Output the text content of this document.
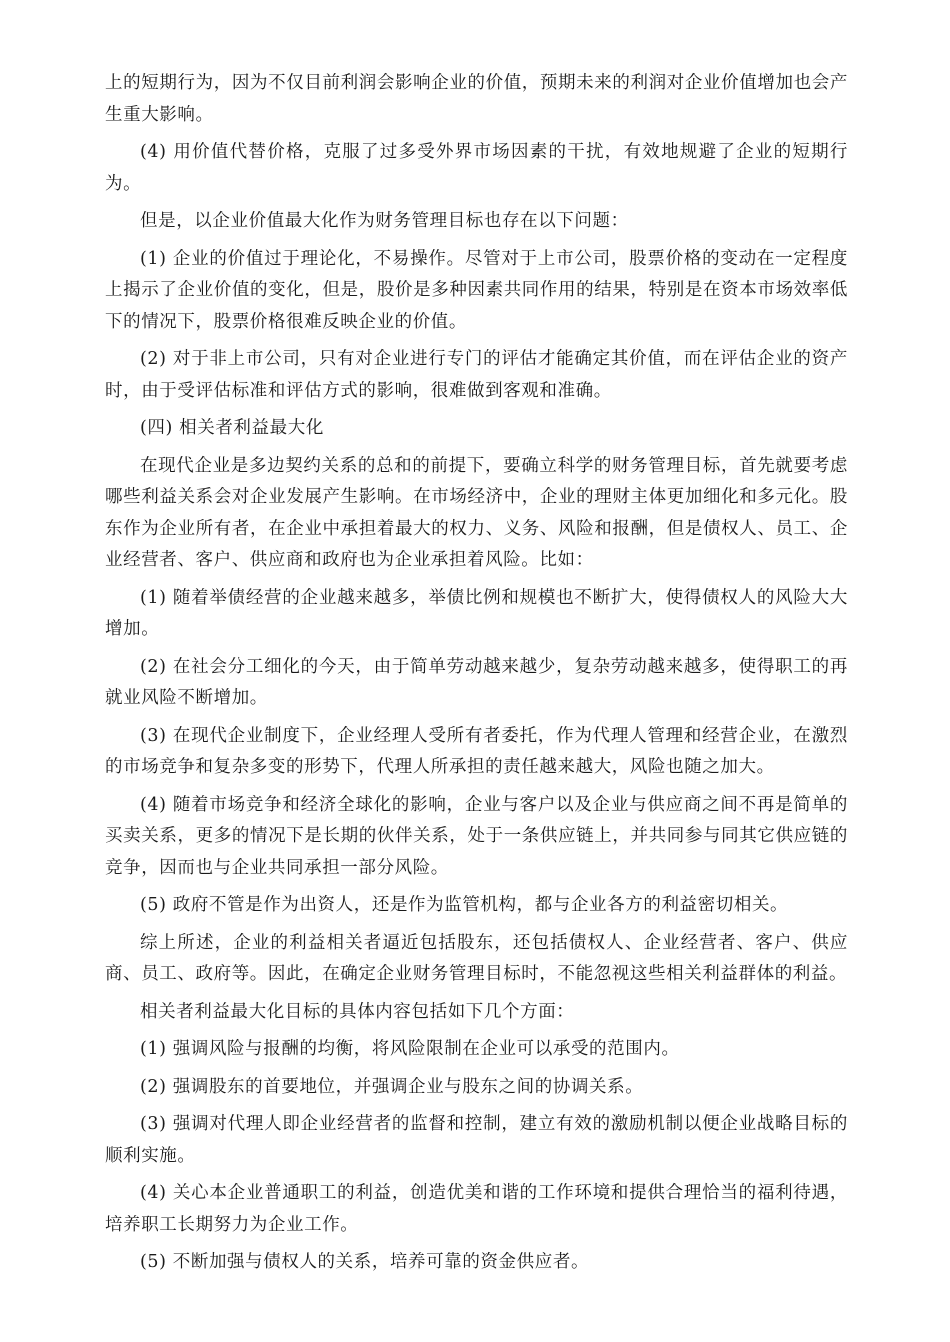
上的短期行为，因为不仅目前利润会影响企业的价值，预期未来的利润对企业价值增加也会产生重大影响。

(4) 用价值代替价格，克服了过多受外界市场因素的干扰，有效地规避了企业的短期行为。

但是，以企业价值最大化作为财务管理目标也存在以下问题：

(1) 企业的价值过于理论化，不易操作。尽管对于上市公司，股票价格的变动在一定程度上揭示了企业价值的变化，但是，股价是多种因素共同作用的结果，特别是在资本市场效率低下的情况下，股票价格很难反映企业的价值。

(2) 对于非上市公司，只有对企业进行专门的评估才能确定其价值，而在评估企业的资产时，由于受评估标准和评估方式的影响，很难做到客观和准确。

(四) 相关者利益最大化

在现代企业是多边契约关系的总和的前提下，要确立科学的财务管理目标，首先就要考虑哪些利益关系会对企业发展产生影响。在市场经济中，企业的理财主体更加细化和多元化。股东作为企业所有者，在企业中承担着最大的权力、义务、风险和报酬，但是债权人、员工、企业经营者、客户、供应商和政府也为企业承担着风险。比如：

(1) 随着举债经营的企业越来越多，举债比例和规模也不断扩大，使得债权人的风险大大增加。

(2) 在社会分工细化的今天，由于简单劳动越来越少，复杂劳动越来越多，使得职工的再就业风险不断增加。

(3) 在现代企业制度下，企业经理人受所有者委托，作为代理人管理和经营企业，在激烈的市场竞争和复杂多变的形势下，代理人所承担的责任越来越大，风险也随之加大。

(4) 随着市场竞争和经济全球化的影响，企业与客户以及企业与供应商之间不再是简单的买卖关系，更多的情况下是长期的伙伴关系，处于一条供应链上，并共同参与同其它供应链的竞争，因而也与企业共同承担一部分风险。

(5) 政府不管是作为出资人，还是作为监管机构，都与企业各方的利益密切相关。

综上所述，企业的利益相关者逼近包括股东，还包括债权人、企业经营者、客户、供应商、员工、政府等。因此，在确定企业财务管理目标时，不能忽视这些相关利益群体的利益。

相关者利益最大化目标的具体内容包括如下几个方面：

(1) 强调风险与报酬的均衡，将风险限制在企业可以承受的范围内。

(2) 强调股东的首要地位，并强调企业与股东之间的协调关系。

(3) 强调对代理人即企业经营者的监督和控制，建立有效的激励机制以便企业战略目标的顺利实施。

(4) 关心本企业普通职工的利益，创造优美和谐的工作环境和提供合理恰当的福利待遇，培养职工长期努力为企业工作。

(5) 不断加强与债权人的关系，培养可靠的资金供应者。
